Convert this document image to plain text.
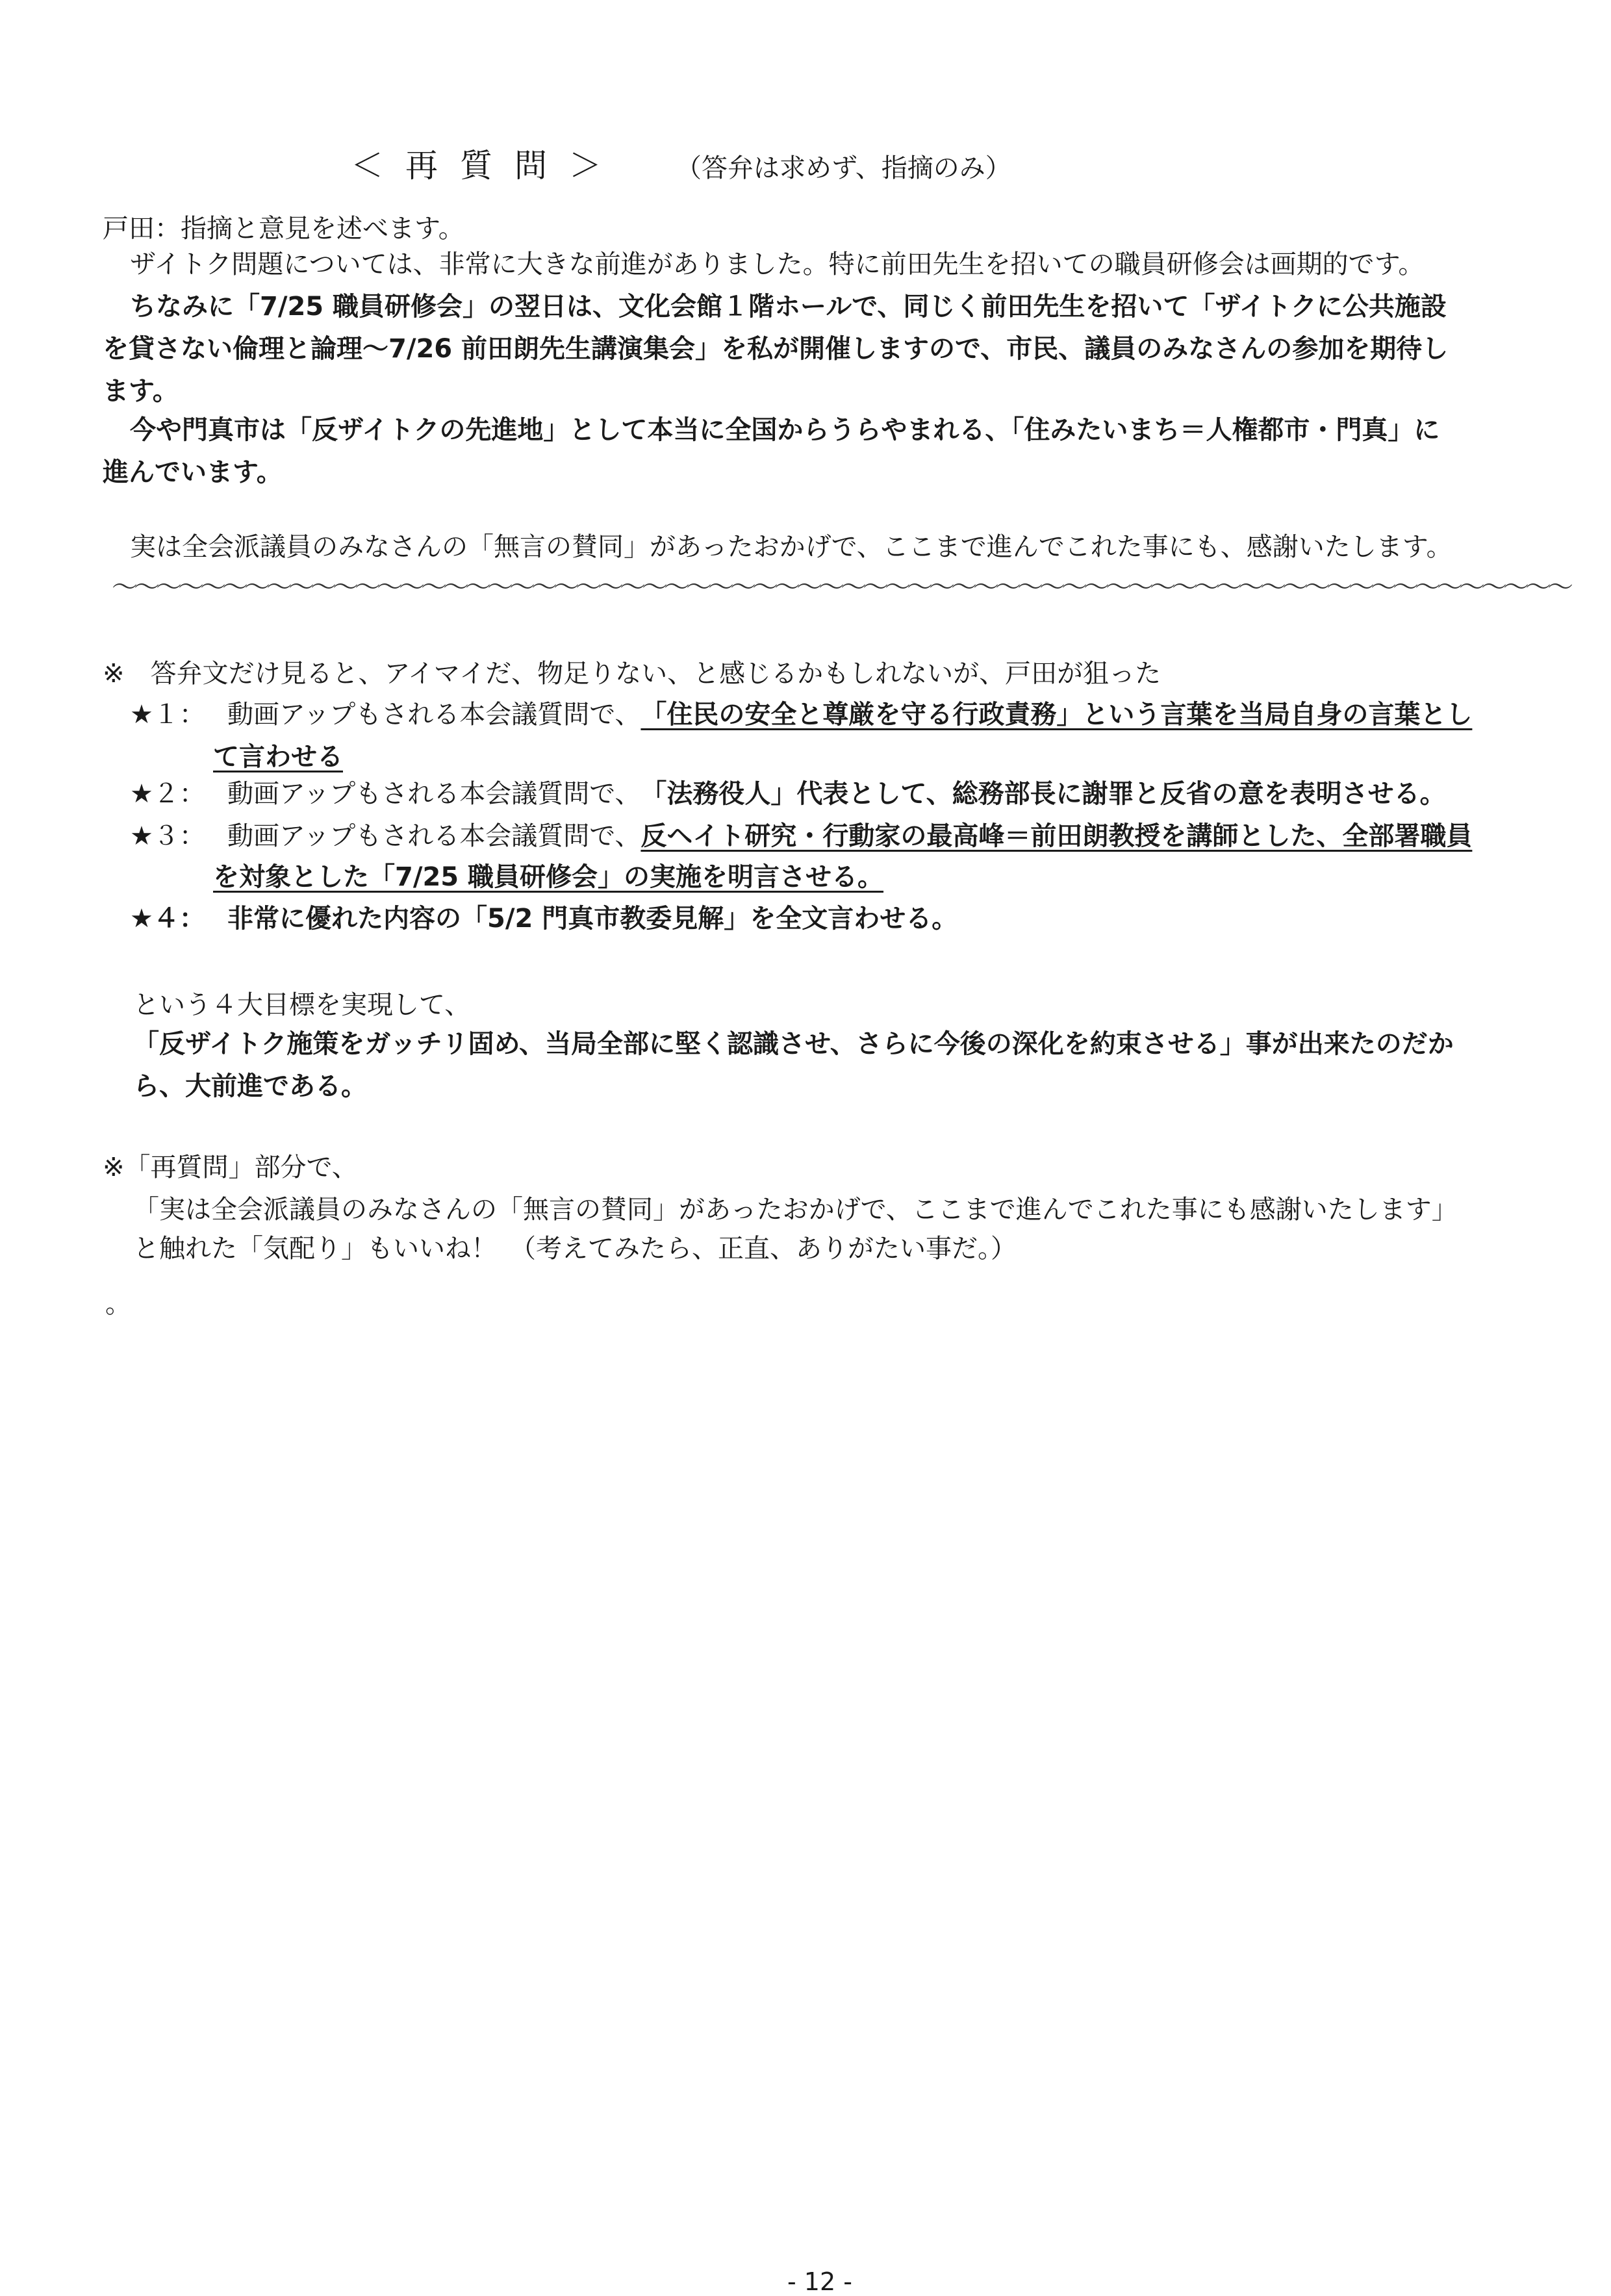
＜再質問＞ （答弁は求めず、指摘のみ）
戸田：指摘と意見を述べます。
ザイトク問題については、非常に大きな前進がありました。特に前田先生を招いての職員研修会は画期的です。
ちなみに「7/25 職員研修会」の翌日は、文化会館１階ホールで、同じく前田先生を招いて「ザイトクに公共施設
を貸さない倫理と論理〜7/26 前田朗先生講演集会」を私が開催しますので、市民、議員のみなさんの参加を期待し
ます。
今や門真市は「反ザイトクの先進地」として本当に全国からうらやまれる、「住みたいまち＝人権都市・門真」に
進んでいます。
実は全会派議員のみなさんの「無言の賛同」があったおかげで、ここまで進んでこれた事にも、感謝いたします。
〜〜〜〜〜〜〜〜〜〜〜〜〜〜〜〜〜〜〜〜〜〜〜〜〜〜〜〜〜〜〜〜〜〜〜〜〜〜〜〜〜〜〜〜〜〜〜〜〜〜〜〜〜〜〜〜〜〜〜〜〜〜〜〜〜〜
※　答弁文だけ見ると、アイマイだ、物足りない、と感じるかもしれないが、戸田が狙った
★１： 動画アップもされる本会議質問で、 「住民の安全と尊厳を守る行政責務」という言葉を当局自身の言葉とし
て言わせる
★２： 動画アップもされる本会議質問で、 「法務役人」代表として、総務部長に謝罪と反省の意を表明させる。
★３： 動画アップもされる本会議質問で、 反ヘイト研究・行動家の最高峰＝前田朗教授を講師とした、全部署職員
を対象とした「7/25 職員研修会」の実施を明言させる。
★４： 非常に優れた内容の「5/2 門真市教委見解」を全文言わせる。
という４大目標を実現して、
「反ザイトク施策をガッチリ固め、当局全部に堅く認識させ、さらに今後の深化を約束させる」事が出来たのだか
ら、大前進である。
※「再質問」部分で、
「実は全会派議員のみなさんの「無言の賛同」があったおかげで、ここまで進んでこれた事にも感謝いたします」
と触れた「気配り」もいいね！　（考えてみたら、正直、ありがたい事だ。）
。
- 12 -
